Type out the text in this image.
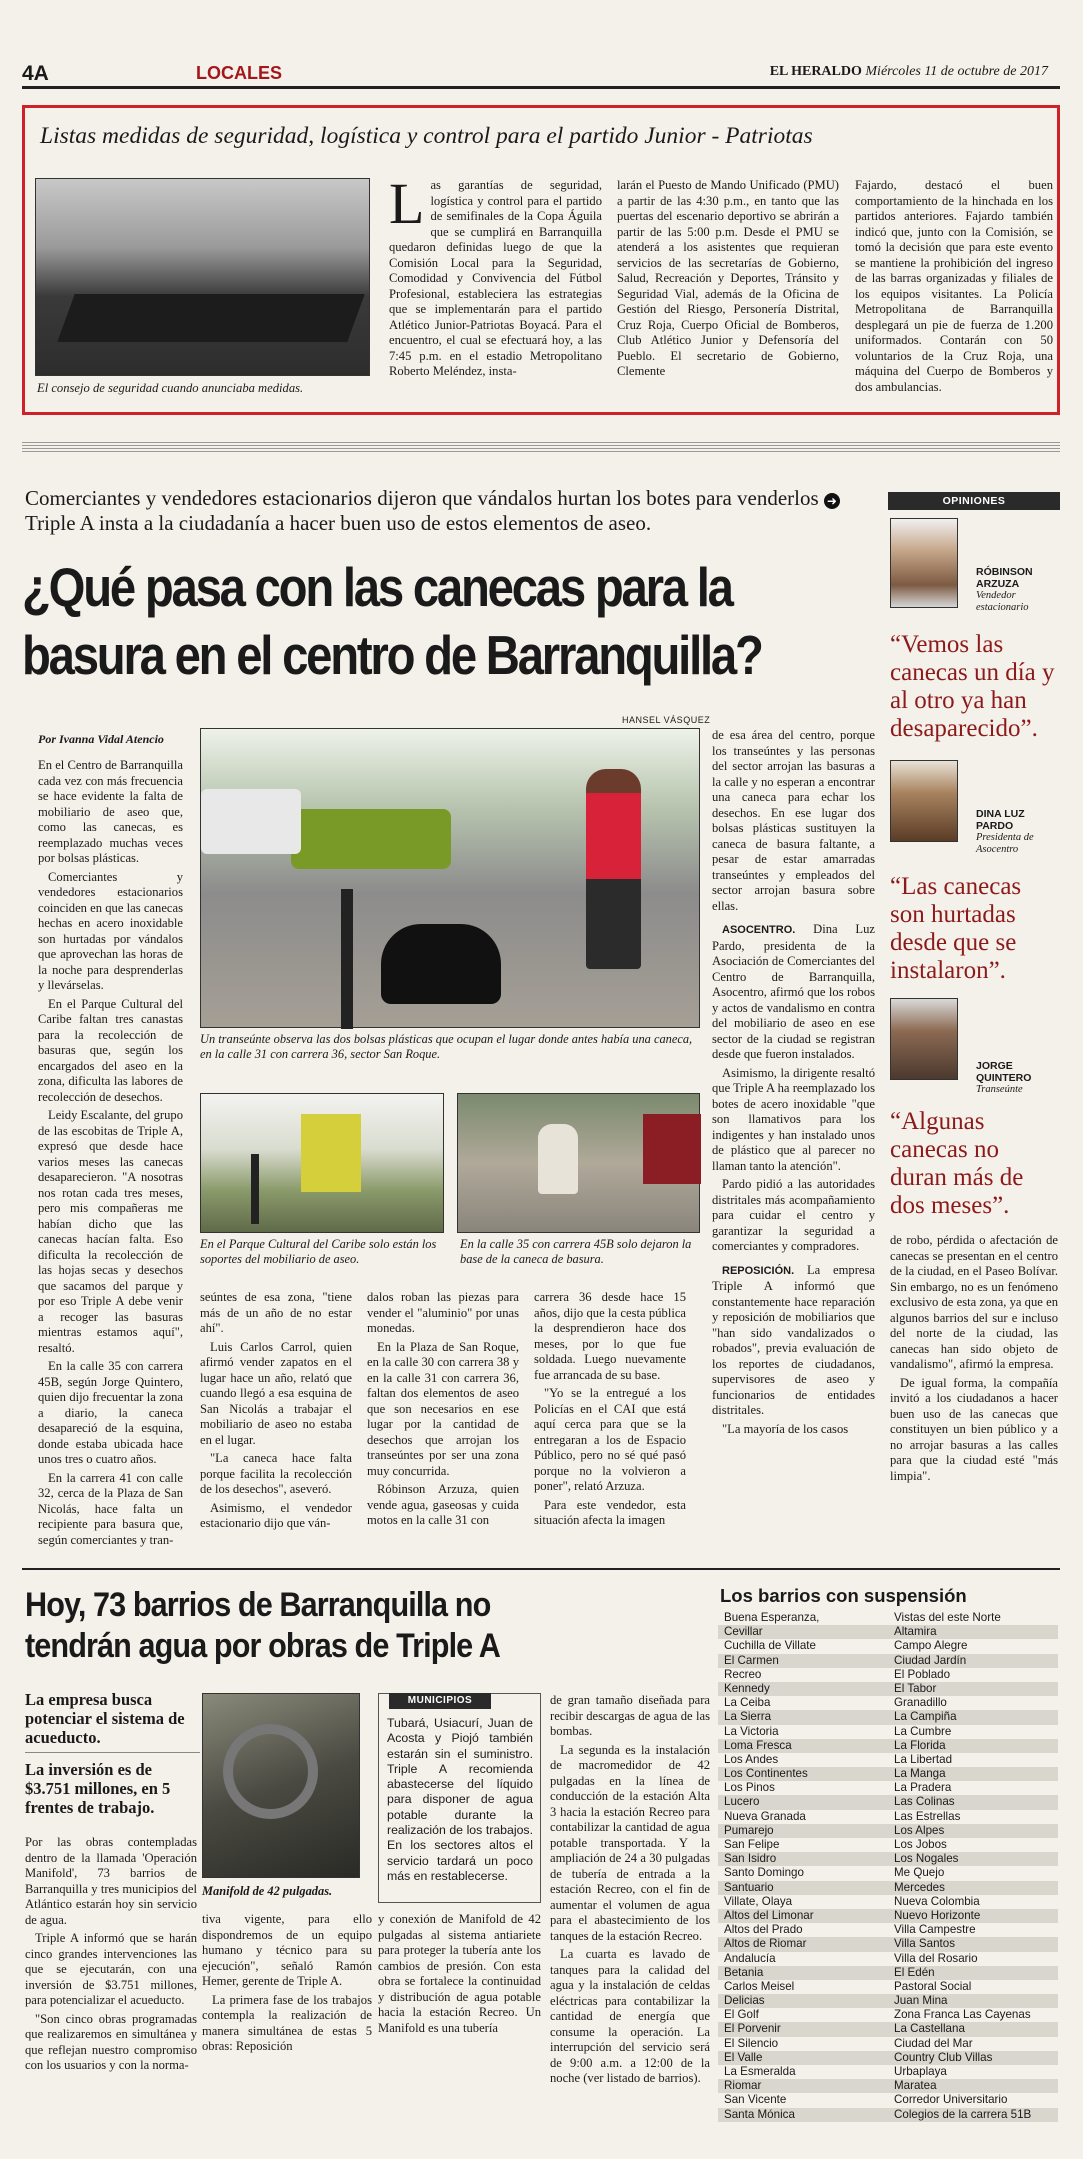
4A	LOCALES	EL HERALDO Miércoles 11 de octubre de 2017
Listas medidas de seguridad, logística y control para el partido Junior - Patriotas
El consejo de seguridad cuando anunciaba medidas.
Las garantías de seguridad, logística y control para el partido de semifinales de la Copa Águila que se cumplirá en Barranquilla quedaron definidas luego de que la Comisión Local para la Seguridad, Comodidad y Convivencia del Fútbol Profesional, estableciera las estrategias que se implementarán para el partido Atlético Junior-Patriotas Boyacá. Para el encuentro, el cual se efectuará hoy, a las 7:45 p.m. en el estadio Metropolitano Roberto Meléndez, insta-
larán el Puesto de Mando Unificado (PMU) a partir de las 4:30 p.m., en tanto que las puertas del escenario deportivo se abrirán a partir de las 5:00 p.m. Desde el PMU se atenderá a los asistentes que requieran servicios de las secretarías de Gobierno, Salud, Recreación y Deportes, Tránsito y Seguridad Vial, además de la Oficina de Gestión del Riesgo, Personería Distrital, Cruz Roja, Cuerpo Oficial de Bomberos, Club Atlético Junior y Defensoría del Pueblo. El secretario de Gobierno, Clemente
Fajardo, destacó el buen comportamiento de la hinchada en los partidos anteriores. Fajardo también indicó que, junto con la Comisión, se tomó la decisión que para este evento se mantiene la prohibición del ingreso de las barras organizadas y filiales de los equipos visitantes. La Policía Metropolitana de Barranquilla desplegará un pie de fuerza de 1.200 uniformados. Contarán con 50 voluntarios de la Cruz Roja, una máquina del Cuerpo de Bomberos y dos ambulancias.
Comerciantes y vendedores estacionarios dijeron que vándalos hurtan los botes para venderlos ➜ Triple A insta a la ciudadanía a hacer buen uso de estos elementos de aseo.
¿Qué pasa con las canecas para la
basura en el centro de Barranquilla?
Por Ivanna Vidal Atencio
HANSEL VÁSQUEZ
Un transeúnte observa las dos bolsas plásticas que ocupan el lugar donde antes había una caneca, en la calle 31 con carrera 36, sector San Roque.
En el Parque Cultural del Caribe solo están los soportes del mobiliario de aseo.
En la calle 35 con carrera 45B solo dejaron la base de la caneca de basura.

En el Centro de Barranquilla cada vez con más frecuencia se hace evidente la falta de mobiliario de aseo que, como las canecas, es reemplazado muchas veces por bolsas plásticas.

Comerciantes y vendedores estacionarios coinciden en que las canecas hechas en acero inoxidable son hurtadas por vándalos que aprovechan las horas de la noche para desprenderlas y llevárselas.

En el Parque Cultural del Caribe faltan tres canastas para la recolección de basuras que, según los encargados del aseo en la zona, dificulta las labores de recolección de desechos.

Leidy Escalante, del grupo de las escobitas de Triple A, expresó que desde hace varios meses las canecas desaparecieron. "A nosotras nos rotan cada tres meses, pero mis compañeras me habían dicho que las canecas hacían falta. Eso dificulta la recolección de las hojas secas y desechos que sacamos del parque y por eso Triple A debe venir a recoger las basuras mientras estamos aquí", resaltó.

En la calle 35 con carrera 45B, según Jorge Quintero, quien dijo frecuentar la zona a diario, la caneca desapareció de la esquina, donde estaba ubicada hace unos tres o cuatro años.

En la carrera 41 con calle 32, cerca de la Plaza de San Nicolás, hace falta un recipiente para basura que, según comerciantes y tran-

seúntes de esa zona, "tiene más de un año de no estar ahí".

Luis Carlos Carrol, quien afirmó vender zapatos en el lugar hace un año, relató que cuando llegó a esa esquina de San Nicolás a trabajar el mobiliario de aseo no estaba en el lugar.

"La caneca hace falta porque facilita la recolección de los desechos", aseveró.

Asimismo, el vendedor estacionario dijo que ván-

dalos roban las piezas para vender el "aluminio" por unas monedas.

En la Plaza de San Roque, en la calle 30 con carrera 38 y en la calle 31 con carrera 36, faltan dos elementos de aseo que son necesarios en ese lugar por la cantidad de desechos que arrojan los transeúntes por ser una zona muy concurrida.

Róbinson Arzuza, quien vende agua, gaseosas y cuida motos en la calle 31 con

carrera 36 desde hace 15 años, dijo que la cesta pública la desprendieron hace dos meses, por lo que fue soldada. Luego nuevamente fue arrancada de su base.

"Yo se la entregué a los Policías en el CAI que está aquí cerca para que se la entregaran a los de Espacio Público, pero no sé qué pasó porque no la volvieron a poner", relató Arzuza.

Para este vendedor, esta situación afecta la imagen

de esa área del centro, porque los transeúntes y las personas del sector arrojan las basuras a la calle y no esperan a encontrar una caneca para echar los desechos. En ese lugar dos bolsas plásticas sustituyen la caneca de basura faltante, a pesar de estar amarradas transeúntes y empleados del sector arrojan basura sobre ellas.

ASOCENTRO. Dina Luz Pardo, presidenta de la Asociación de Comerciantes del Centro de Barranquilla, Asocentro, afirmó que los robos y actos de vandalismo en contra del mobiliario de aseo en ese sector de la ciudad se registran desde que fueron instalados.

Asimismo, la dirigente resaltó que Triple A ha reemplazado los botes de acero inoxidable "que son llamativos para los indigentes y han instalado unos de plástico que al parecer no llaman tanto la atención".

Pardo pidió a las autoridades distritales más acompañamiento para cuidar el centro y garantizar la seguridad a comerciantes y compradores.

REPOSICIÓN. La empresa Triple A informó que constantemente hace reparación y reposición de mobiliarios que "han sido vandalizados o robados", previa evaluación de los reportes de ciudadanos, supervisores de aseo y funcionarios de entidades distritales.

"La mayoría de los casos

de robo, pérdida o afectación de canecas se presentan en el centro de la ciudad, en el Paseo Bolívar. Sin embargo, no es un fenómeno exclusivo de esta zona, ya que en algunos barrios del sur e incluso del norte de la ciudad, las canecas han sido objeto de vandalismo", afirmó la empresa.

De igual forma, la compañía invitó a los ciudadanos a hacer buen uso de las canecas que constituyen un bien público y a no arrojar basuras a las calles para que la ciudad esté "más limpia".

OPINIONES
RÓBINSON ARZUZA
Vendedor estacionario
“Vemos las canecas un día y al otro ya han desaparecido”.
DINA LUZ PARDO
Presidenta de Asocentro
“Las canecas son hurtadas desde que se instalaron”.
JORGE QUINTERO
Transeúnte
“Algunas canecas no duran más de dos meses”.
Hoy, 73 barrios de Barranquilla no
tendrán agua por obras de Triple A
La empresa busca potenciar el sistema de acueducto.
La inversión es de $3.751 millones, en 5 frentes de trabajo.

Por las obras contempladas dentro de la llamada 'Operación Manifold', 73 barrios de Barranquilla y tres municipios del Atlántico estarán hoy sin servicio de agua.

Triple A informó que se harán cinco grandes intervenciones las que se ejecutarán, con una inversión de $3.751 millones, para potencializar el acueducto.

"Son cinco obras programadas que realizaremos en simultánea y que reflejan nuestro compromiso con los usuarios y con la norma-

Manifold de 42 pulgadas.

tiva vigente, para ello dispondremos de un equipo humano y técnico para su ejecución", señaló Ramón Hemer, gerente de Triple A.

La primera fase de los trabajos contempla la realización de manera simultánea de estas 5 obras: Reposición

MUNICIPIOS
Tubará, Usiacurí, Juan de Acosta y Piojó también estarán sin el suministro. Triple A recomienda abastecerse del líquido para disponer de agua potable durante la realización de los trabajos. En los sectores altos el servicio tardará un poco más en restablecerse.

y conexión de Manifold de 42 pulgadas al sistema antiariete para proteger la tubería ante los cambios de presión. Con esta obra se fortalece la continuidad y distribución de agua potable hacia la estación Recreo. Un Manifold es una tubería

de gran tamaño diseñada para recibir descargas de agua de las bombas.

La segunda es la instalación de macromedidor de 42 pulgadas en la línea de conducción de la estación Alta 3 hacia la estación Recreo para contabilizar la cantidad de agua potable transportada. Y la ampliación de 24 a 30 pulgadas de tubería de entrada a la estación Recreo, con el fin de aumentar el volumen de agua para el abastecimiento de los tanques de la estación Recreo.

La cuarta es lavado de tanques para la calidad del agua y la instalación de celdas eléctricas para contabilizar la cantidad de energía que consume la operación. La interrupción del servicio será de 9:00 a.m. a 12:00 de la noche (ver listado de barrios).

Los barrios con suspensión
Buena Esperanza,
Cevillar
Cuchilla de Villate
El Carmen
Recreo
Kennedy
La Ceiba
La Sierra
La Victoria
Loma Fresca
Los Andes
Los Continentes
Los Pinos
Lucero
Nueva Granada
Pumarejo
San Felipe
San Isidro
Santo Domingo
Santuario
Villate, Olaya
Altos del Limonar
Altos del Prado
Altos de Riomar
Andalucía
Betania
Carlos Meisel
Delicias
El Golf
El Porvenir
El Silencio
El Valle
La Esmeralda
Riomar
San Vicente
Santa Mónica
Vistas del este Norte
Altamira
Campo Alegre
Ciudad Jardín
El Poblado
El Tabor
Granadillo
La Campiña
La Cumbre
La Florida
La Libertad
La Manga
La Pradera
Las Colinas
Las Estrellas
Los Alpes
Los Jobos
Los Nogales
Me Quejo
Mercedes
Nueva Colombia
Nuevo Horizonte
Villa Campestre
Villa Santos
Villa del Rosario
El Edén
Pastoral Social
Juan Mina
Zona Franca Las Cayenas
La Castellana
Ciudad del Mar
Country Club Villas
Urbaplaya
Maratea
Corredor Universitario
Colegios de la carrera 51B
